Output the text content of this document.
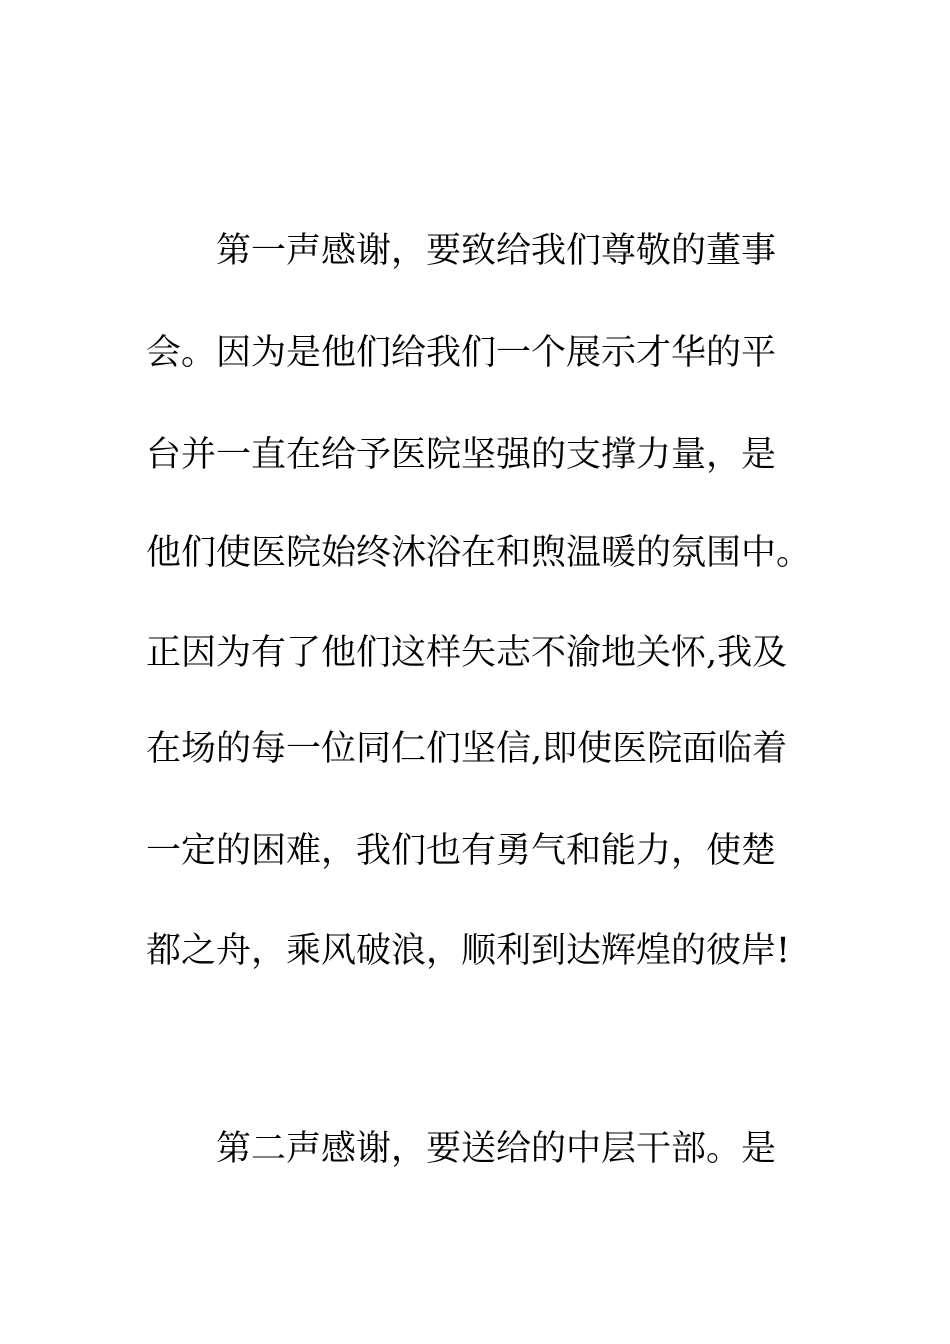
第一声感谢，要致给我们尊敬的董事
会。因为是他们给我们一个展示才华的平
台并一直在给予医院坚强的支撑力量，是
他们使医院始终沐浴在和煦温暖的氛围中。
正因为有了他们这样矢志不渝地关怀,我及
在场的每一位同仁们坚信,即使医院面临着
一定的困难，我们也有勇气和能力，使楚
都之舟，乘风破浪，顺利到达辉煌的彼岸!
第二声感谢，要送给的中层干部。是
